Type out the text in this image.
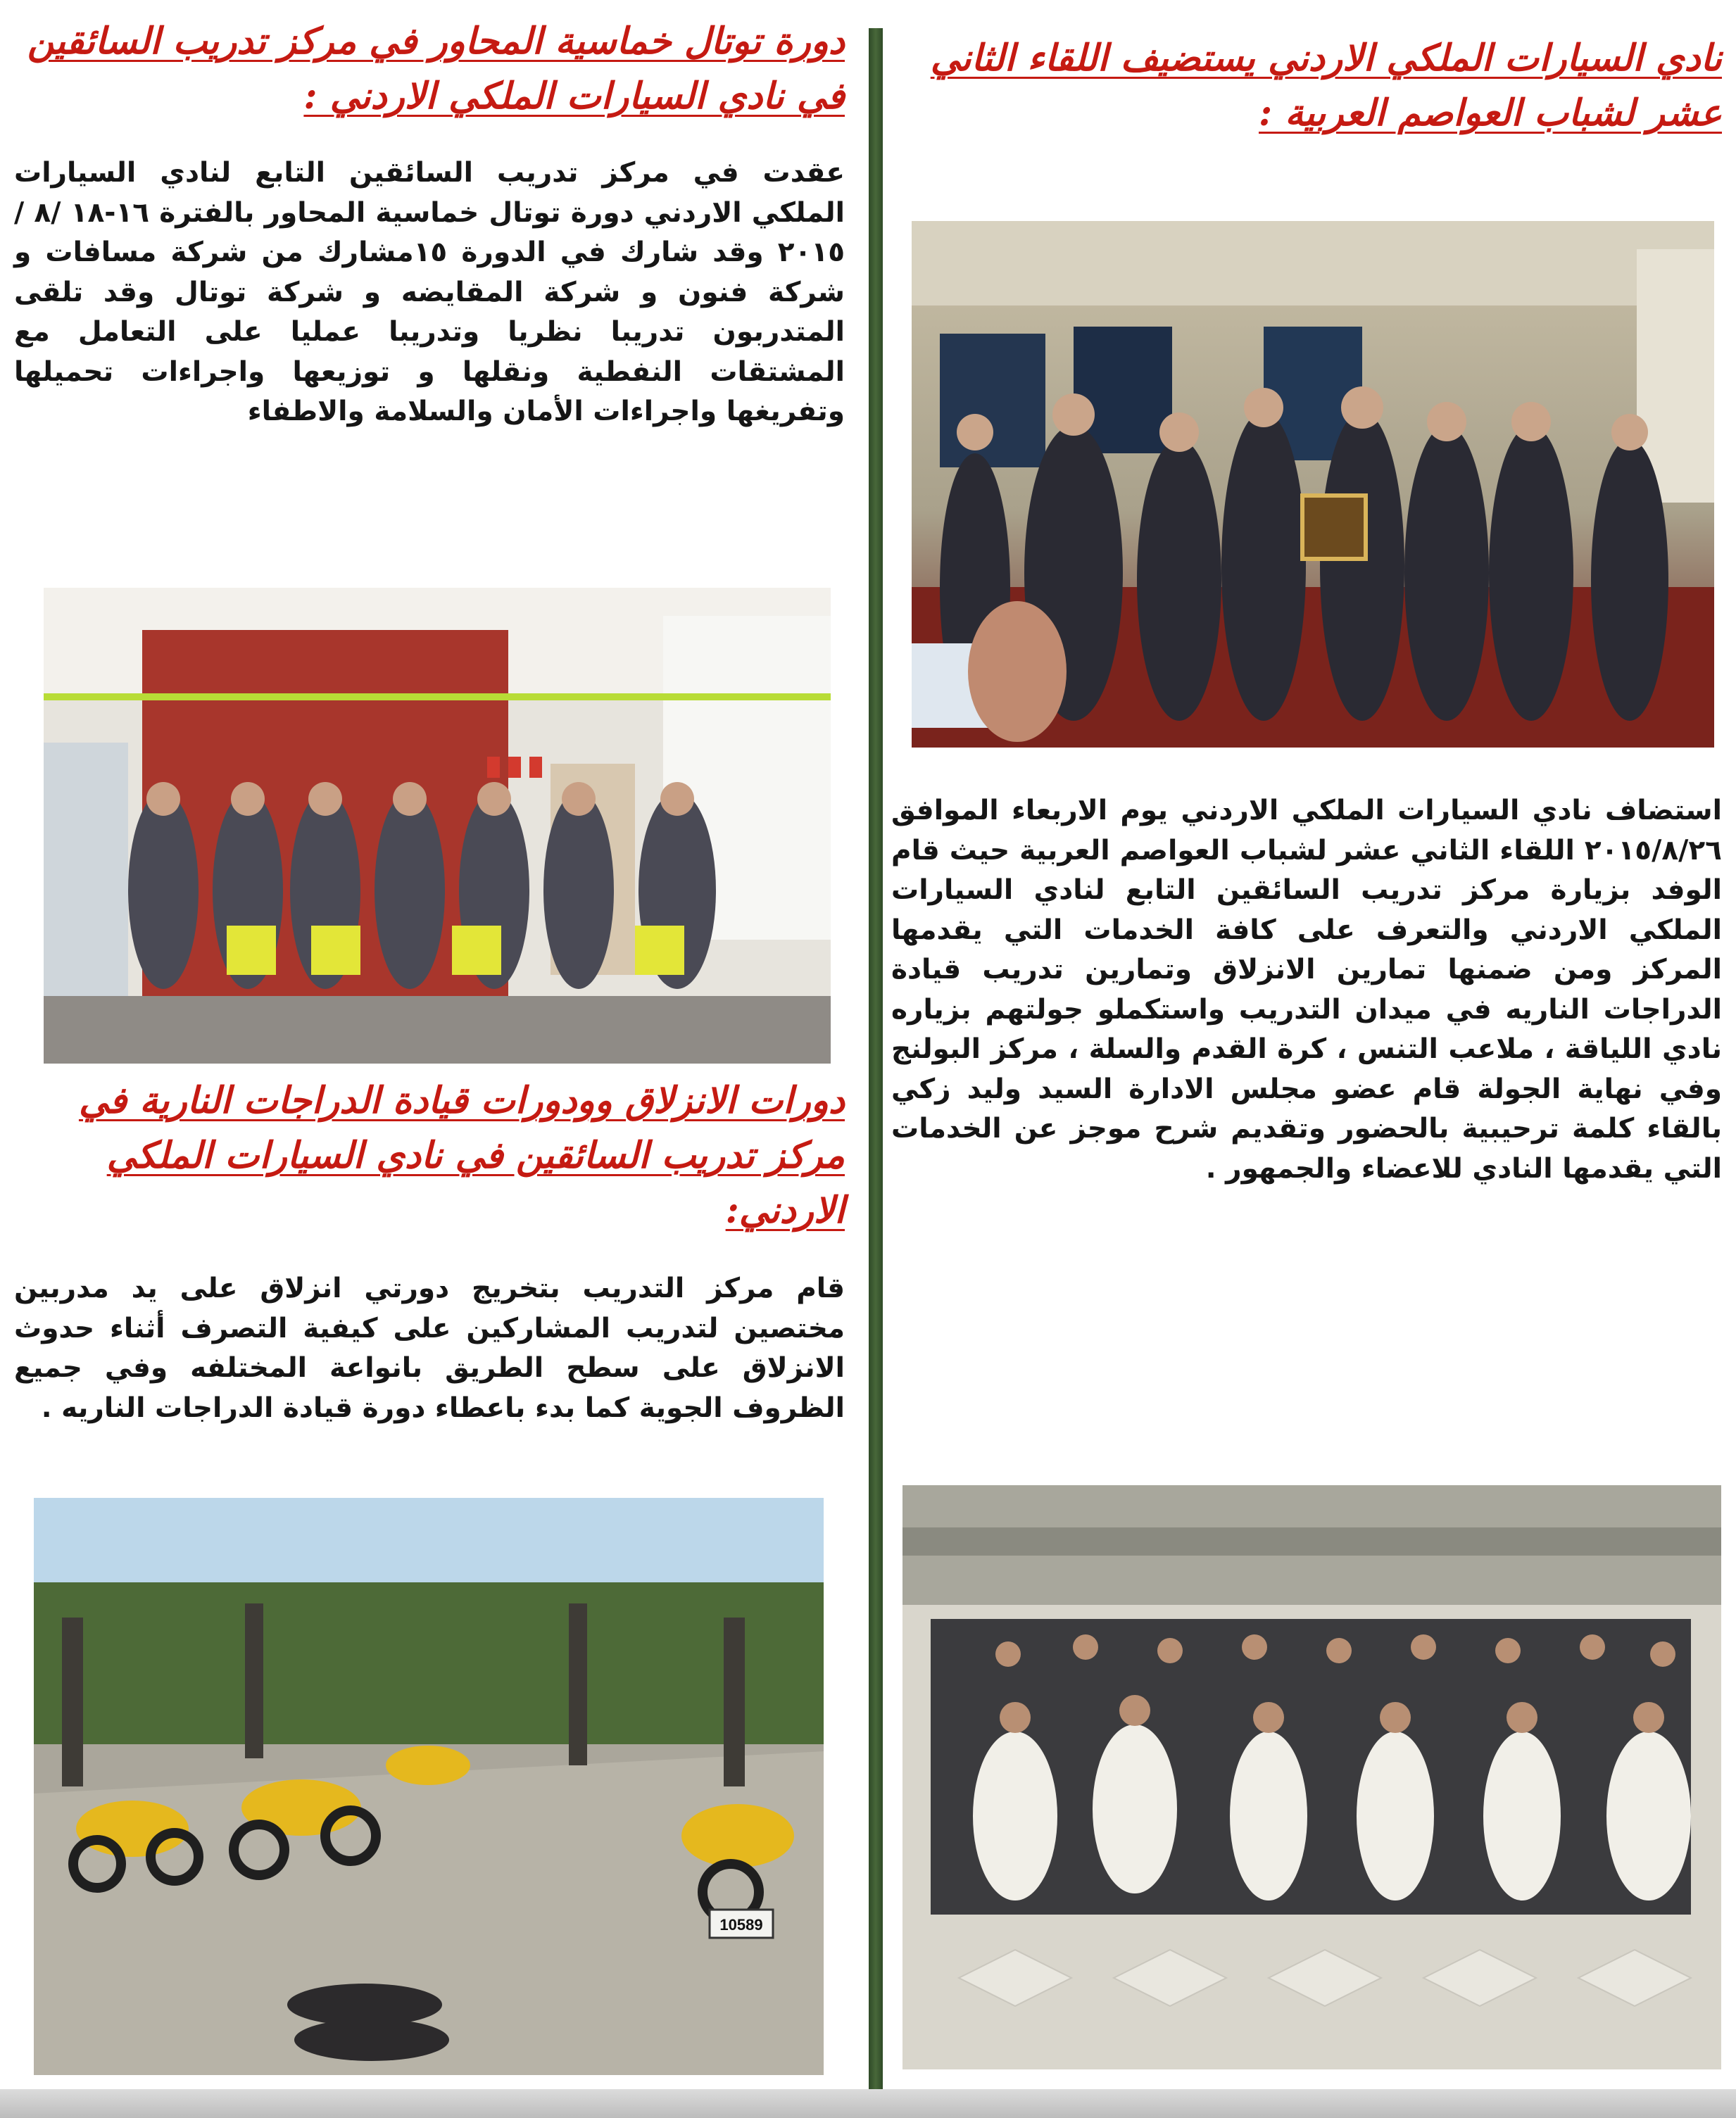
نادي السيارات الملكي الاردني يستضيف اللقاء الثاني عشر لشباب العواصم العربية :

استضاف نادي السيارات الملكي الاردني يوم الاربعاء الموافق ٢٠١٥/٨/٢٦ اللقاء الثاني عشر لشباب العواصم العربية حيث قام الوفد بزيارة مركز تدريب السائقين التابع لنادي السيارات الملكي الاردني والتعرف على كافة الخدمات التي يقدمها المركز ومن ضمنها تمارين الانزلاق وتمارين تدريب قيادة الدراجات الناريه في ميدان التدريب واستكملو جولتهم بزياره نادي اللياقة ، ملاعب التنس ، كرة القدم والسلة ، مركز البولنج وفي نهاية الجولة قام عضو مجلس الادارة السيد وليد زكي بالقاء كلمة ترحيبية بالحضور وتقديم شرح موجز عن الخدمات التي يقدمها النادي للاعضاء والجمهور .

دورة توتال خماسية المحاور في مركز تدريب السائقين في نادي السيارات الملكي الاردني :

عقدت في مركز تدريب السائقين التابع لنادي السيارات الملكي الاردني دورة توتال خماسية المحاور بالفترة ١٦-١٨ /٨ /٢٠١٥ وقد شارك في الدورة ١٥مشارك من شركة مسافات و شركة فنون و شركة المقايضه و شركة توتال وقد تلقى المتدربون تدريبا نظريا وتدريبا عمليا على التعامل مع المشتقات النفطية ونقلها و توزيعها واجراءات تحميلها وتفريغها واجراءات الأمان والسلامة والاطفاء

دورات الانزلاق وودورات قيادة الدراجات النارية في مركز تدريب السائقين في نادي السيارات الملكي الاردني:

قام مركز التدريب بتخريج دورتي انزلاق على يد مدربين مختصين لتدريب المشاركين على كيفية التصرف أثناء حدوث الانزلاق على سطح الطريق بانواعة المختلفه وفي جميع الظروف الجوية كما بدء باعطاء دورة قيادة الدراجات الناريه .

10589
